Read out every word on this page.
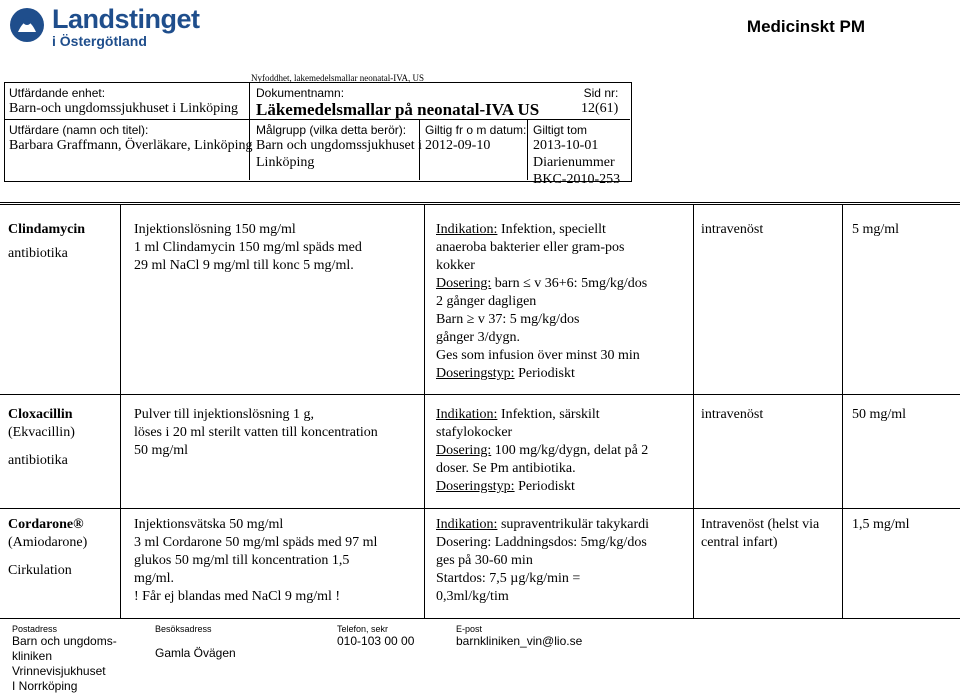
Landstinget
i Östergötland
Medicinskt PM
Nyfoddhet, lakemedelsmallar neonatal-IVA, US
Utfärdande enhet:
Barn-och ungdomssjukhuset i Linköping
Dokumentnamn:
Läkemedelsmallar på neonatal-IVA US
Sid nr:
12(61)
Utfärdare (namn och titel):
Barbara Graffmann, Överläkare, Linköping
Målgrupp (vilka detta berör):
Barn och ungdomssjukhuset i
Linköping
Giltig fr o m datum:
2012-09-10
Giltigt tom
2013-10-01
Diarienummer
BKC-2010-253

Clindamycin

antibiotika

Injektionslösning 150 mg/ml

1 ml Clindamycin 150 mg/ml späds med

29 ml NaCl 9 mg/ml till konc 5 mg/ml.

Indikation: Infektion, speciellt

anaeroba bakterier eller gram-pos

kokker

Dosering: barn ≤ v 36+6: 5mg/kg/dos

2 gånger dagligen

Barn ≥ v 37: 5 mg/kg/dos

gånger 3/dygn.

Ges som infusion över minst 30 min

Doseringstyp: Periodiskt

intravenöst	5 mg/ml

Cloxacillin

(Ekvacillin)

antibiotika

Pulver till injektionslösning 1 g,

löses i 20 ml sterilt vatten till koncentration

50 mg/ml

Indikation: Infektion, särskilt

stafylokocker

Dosering: 100 mg/kg/dygn, delat på 2

doser. Se Pm antibiotika.

Doseringstyp: Periodiskt

intravenöst	50 mg/ml

Cordarone®

(Amiodarone)

Cirkulation

Injektionsvätska 50 mg/ml

3 ml Cordarone 50 mg/ml späds med 97 ml

glukos 50 mg/ml till koncentration 1,5

mg/ml.

! Får ej blandas med NaCl 9 mg/ml !

Indikation: supraventrikulär takykardi

Dosering: Laddningsdos: 5mg/kg/dos

ges på 30-60 min

Startdos: 7,5 µg/kg/min =

0,3ml/kg/tim

Intravenöst (helst via

central infart)

1,5 mg/ml
Postadress
Barn och ungdoms-
kliniken
Vrinnevisjukhuset
I Norrköping
Besöksadress
Gamla Övägen
Telefon, sekr
010-103 00 00
E-post
barnkliniken_vin@lio.se
